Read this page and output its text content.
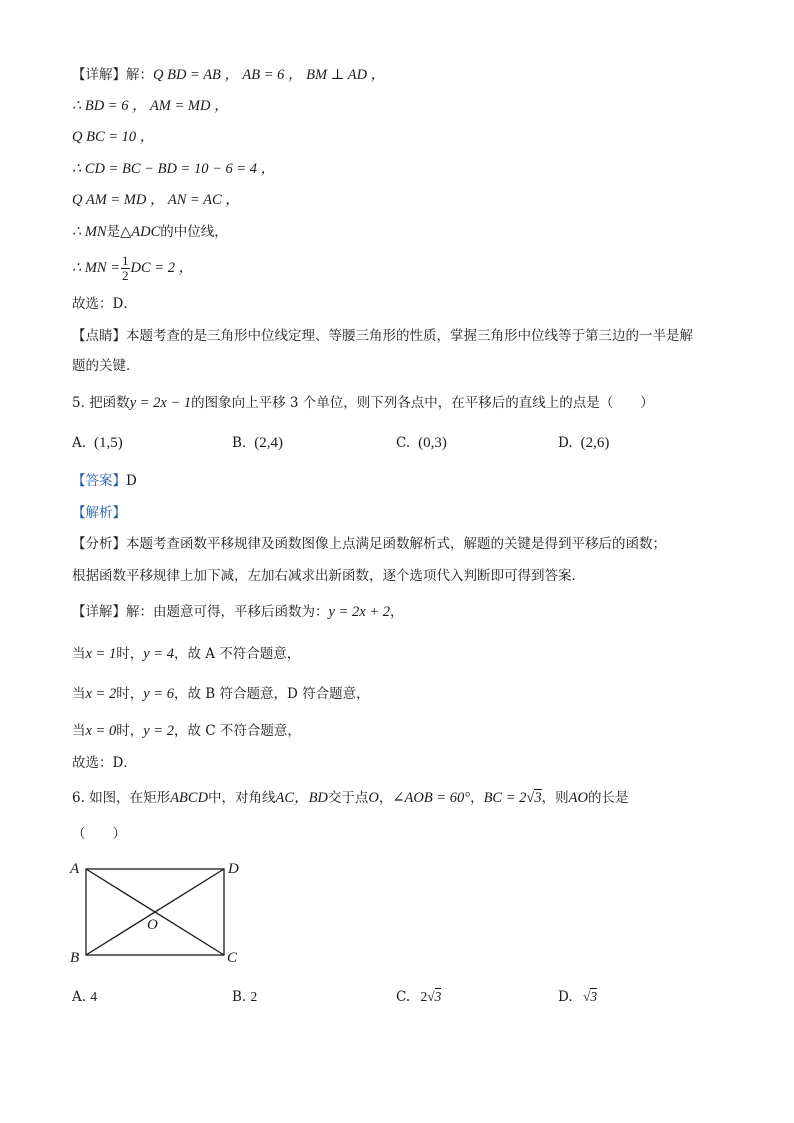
【详解】解：Q BD = AB ， AB = 6 ， BM ⊥ AD ，
∴ BD = 6 ， AM = MD ，
Q BC = 10 ，
∴ CD = BC − BD = 10 − 6 = 4 ，
Q AM = MD ， AN = AC ，
∴ MN是△ADC的中位线，
∴ MN = $\frac{1}{2}$ DC = 2 ，
故选：D．
【点睛】本题考查的是三角形中位线定理、等腰三角形的性质，掌握三角形中位线等于第三边的一半是解
题的关键．
5. 把函数y = 2x − 1的图象向上平移 3 个单位，则下列各点中，在平移后的直线上的点是（　　）
A. (1,5)	B. (2,4)	C. (0,3)	D. (2,6)
【答案】D
【解析】
【分析】本题考查函数平移规律及函数图像上点满足函数解析式，解题的关键是得到平移后的函数；
根据函数平移规律上加下减，左加右减求出新函数，逐个选项代入判断即可得到答案．
【详解】解：由题意可得，平移后函数为：y = 2x + 2，
当x = 1时，y = 4，故 A 不符合题意，
当x = 2时，y = 6，故 B 符合题意，D 符合题意，
当x = 0时，y = 2，故 C 不符合题意，
故选：D．
6. 如图，在矩形ABCD中，对角线AC，BD交于点O，∠AOB = 60°，BC = 2√3，则AO的长是
（　　）
A	D
B	C
O
A. 4	B. 2	C. 2√3	D. √3
